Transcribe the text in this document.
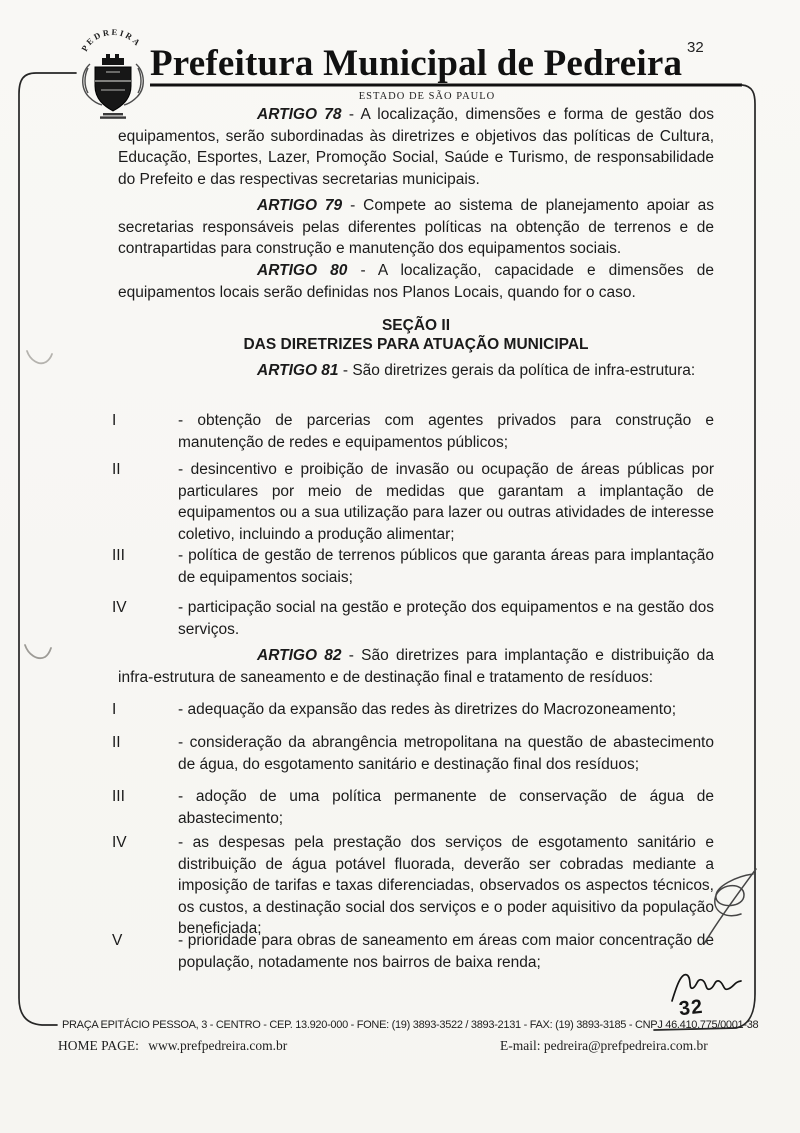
PEDREIRA
Prefeitura Municipal de Pedreira
ESTADO DE SÃO PAULO
32
ARTIGO 78 - A localização, dimensões e forma de gestão dos equipamentos, serão subordinadas às diretrizes e objetivos das políticas de Cultura, Educação, Esportes, Lazer, Promoção Social, Saúde e Turismo, de responsabilidade do Prefeito e das respectivas secretarias municipais.
ARTIGO 79 - Compete ao sistema de planejamento apoiar as secretarias responsáveis pelas diferentes políticas na obtenção de terrenos e de contrapartidas para construção e manutenção dos equipamentos sociais.
ARTIGO 80 - A localização, capacidade e dimensões de equipamentos locais serão definidas nos Planos Locais, quando for o caso.
SEÇÃO II
DAS DIRETRIZES PARA ATUAÇÃO MUNICIPAL
ARTIGO 81 - São diretrizes gerais da política de infra-estrutura:
I	- obtenção de parcerias com agentes privados para construção e manutenção de redes e equipamentos públicos;
II	- desincentivo e proibição de invasão ou ocupação de áreas públicas por particulares por meio de medidas que garantam a implantação de equipamentos ou a sua utilização para lazer ou outras atividades de interesse coletivo, incluindo a produção alimentar;
III	- política de gestão de terrenos públicos que garanta áreas para implantação de equipamentos sociais;
IV	- participação social na gestão e proteção dos equipamentos e na gestão dos serviços.
ARTIGO 82 - São diretrizes para implantação e distribuição da infra-estrutura de saneamento e de destinação final e tratamento de resíduos:
I	- adequação da expansão das redes às diretrizes do Macrozoneamento;
II	- consideração da abrangência metropolitana na questão de abastecimento de água, do esgotamento sanitário e destinação final dos resíduos;
III	- adoção de uma política permanente de conservação de água de abastecimento;
IV	- as despesas pela prestação dos serviços de esgotamento sanitário e distribuição de água potável fluorada, deverão ser cobradas mediante a imposição de tarifas e taxas diferenciadas, observados os aspectos técnicos, os custos, a destinação social dos serviços e o poder aquisitivo da população beneficiada;
V	- prioridade para obras de saneamento em áreas com maior concentração de população, notadamente nos bairros de baixa renda;
PRAÇA EPITÁCIO PESSOA, 3 - CENTRO - CEP. 13.920-000 - FONE: (19) 3893-3522 / 3893-2131 - FAX: (19) 3893-3185 - CNPJ 46.410.775/0001-38
HOME PAGE: www.prefpedreira.com.br	E-mail: pedreira@prefpedreira.com.br
32
